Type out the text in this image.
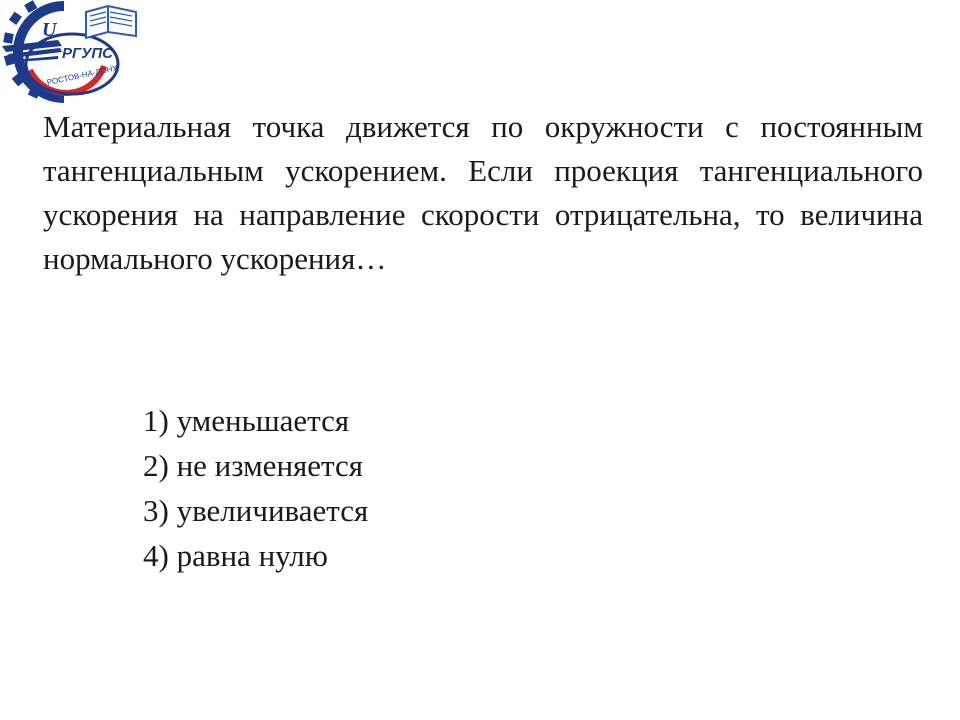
U
РГУПС
РОСТОВ-НА-ДОНУ

Материальная точка движется по окружности с постоянным тангенциальным ускорением. Если проекция тангенциального ускорения на направление скорости отрицательна, то величина нормального ускорения…

1) уменьшается
2) не изменяется
3) увеличивается
4) равна нулю
